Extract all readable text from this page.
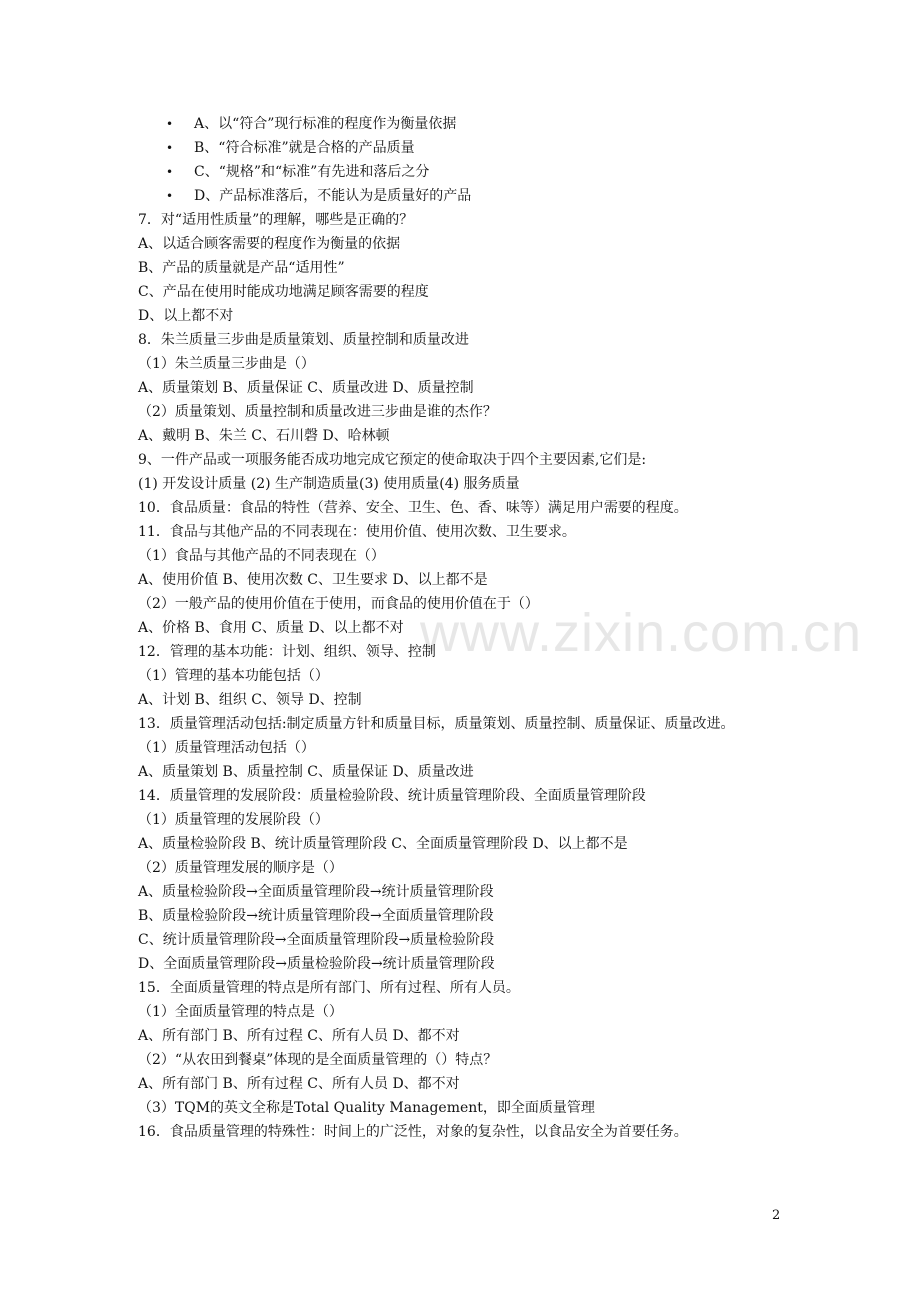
www.zixin.com.cn
• A、以“符合”现行标准的程度作为衡量依据
• B、“符合标准”就是合格的产品质量
• C、“规格”和“标准”有先进和落后之分
• D、产品标准落后，不能认为是质量好的产品
7．对“适用性质量”的理解，哪些是正确的？
A、以适合顾客需要的程度作为衡量的依据
B、产品的质量就是产品“适用性”
C、产品在使用时能成功地满足顾客需要的程度
D、以上都不对
8．朱兰质量三步曲是质量策划、质量控制和质量改进
（1）朱兰质量三步曲是（）
A、质量策划 B、质量保证 C、质量改进 D、质量控制
（2）质量策划、质量控制和质量改进三步曲是谁的杰作？
A、戴明 B、朱兰 C、石川磬 D、哈林顿
9、一件产品或一项服务能否成功地完成它预定的使命取决于四个主要因素,它们是:
(1) 开发设计质量 (2) 生产制造质量(3) 使用质量(4) 服务质量
10．食品质量：食品的特性（营养、安全、卫生、色、香、味等）满足用户需要的程度。
11．食品与其他产品的不同表现在：使用价值、使用次数、卫生要求。
（1）食品与其他产品的不同表现在（）
A、使用价值 B、使用次数 C、卫生要求 D、以上都不是
（2）一般产品的使用价值在于使用，而食品的使用价值在于（）
A、价格 B、食用 C、质量 D、以上都不对
12．管理的基本功能：计划、组织、领导、控制
（1）管理的基本功能包括（）
A、计划 B、组织 C、领导 D、控制
13．质量管理活动包括:制定质量方针和质量目标，质量策划、质量控制、质量保证、质量改进。
（1）质量管理活动包括（）
A、质量策划 B、质量控制 C、质量保证 D、质量改进
14．质量管理的发展阶段：质量检验阶段、统计质量管理阶段、全面质量管理阶段
（1）质量管理的发展阶段（）
A、质量检验阶段 B、统计质量管理阶段 C、全面质量管理阶段 D、以上都不是
（2）质量管理发展的顺序是（）
A、质量检验阶段→全面质量管理阶段→统计质量管理阶段
B、质量检验阶段→统计质量管理阶段→全面质量管理阶段
C、统计质量管理阶段→全面质量管理阶段→质量检验阶段
D、全面质量管理阶段→质量检验阶段→统计质量管理阶段
15．全面质量管理的特点是所有部门、所有过程、所有人员。
（1）全面质量管理的特点是（）
A、所有部门 B、所有过程 C、所有人员 D、都不对
（2）“从农田到餐桌”体现的是全面质量管理的（）特点？
A、所有部门 B、所有过程 C、所有人员 D、都不对
（3）TQM的英文全称是Total Quality Management，即全面质量管理
16．食品质量管理的特殊性：时间上的广泛性，对象的复杂性，以食品安全为首要任务。
2
